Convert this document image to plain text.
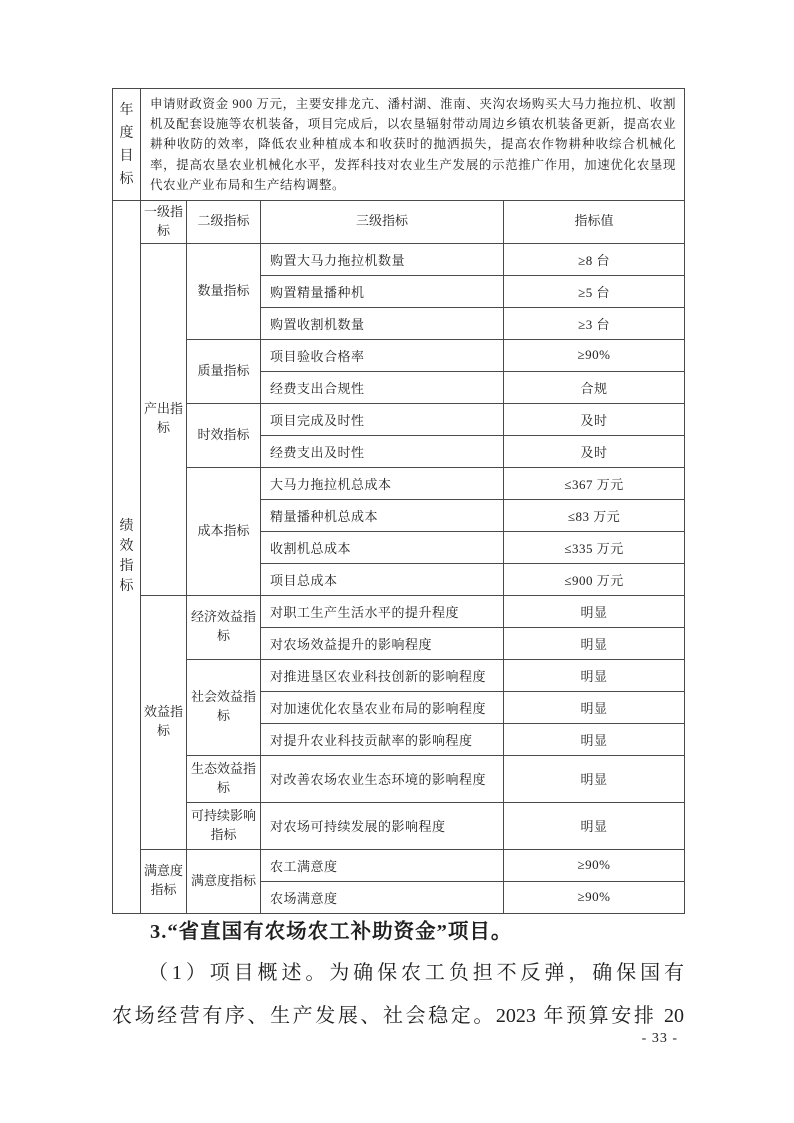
年度目标	申请财政资金 900 万元，主要安排龙亢、潘村湖、淮南、夹沟农场购买大马力拖拉机、收割机及配套设施等农机装备，项目完成后，以农垦辐射带动周边乡镇农机装备更新，提高农业耕种收防的效率，降低农业种植成本和收获时的抛洒损失，提高农作物耕种收综合机械化率，提高农垦农业机械化水平，发挥科技对农业生产发展的示范推广作用，加速优化农垦现代农业产业布局和生产结构调整。			
绩效指标	一级指标	二级指标	三级指标	指标值
	产出指标	数量指标	购置大马力拖拉机数量	≥8 台
			购置精量播种机	≥5 台
			购置收割机数量	≥3 台
		质量指标	项目验收合格率	≥90%
			经费支出合规性	合规
		时效指标	项目完成及时性	及时
			经费支出及时性	及时
		成本指标	大马力拖拉机总成本	≤367 万元
			精量播种机总成本	≤83 万元
			收割机总成本	≤335 万元
			项目总成本	≤900 万元
	效益指标	经济效益指标	对职工生产生活水平的提升程度	明显
			对农场效益提升的影响程度	明显
		社会效益指标	对推进垦区农业科技创新的影响程度	明显
			对加速优化农垦农业布局的影响程度	明显
			对提升农业科技贡献率的影响程度	明显
		生态效益指标	对改善农场农业生态环境的影响程度	明显
		可持续影响指标	对农场可持续发展的影响程度	明显
	满意度指标	满意度指标	农工满意度	≥90%
			农场满意度	≥90%
3.“省直国有农场农工补助资金”项目。
（1）项目概述。为确保农工负担不反弹，确保国有
农场经营有序、生产发展、社会稳定。2023 年预算安排 20
- 33 -
